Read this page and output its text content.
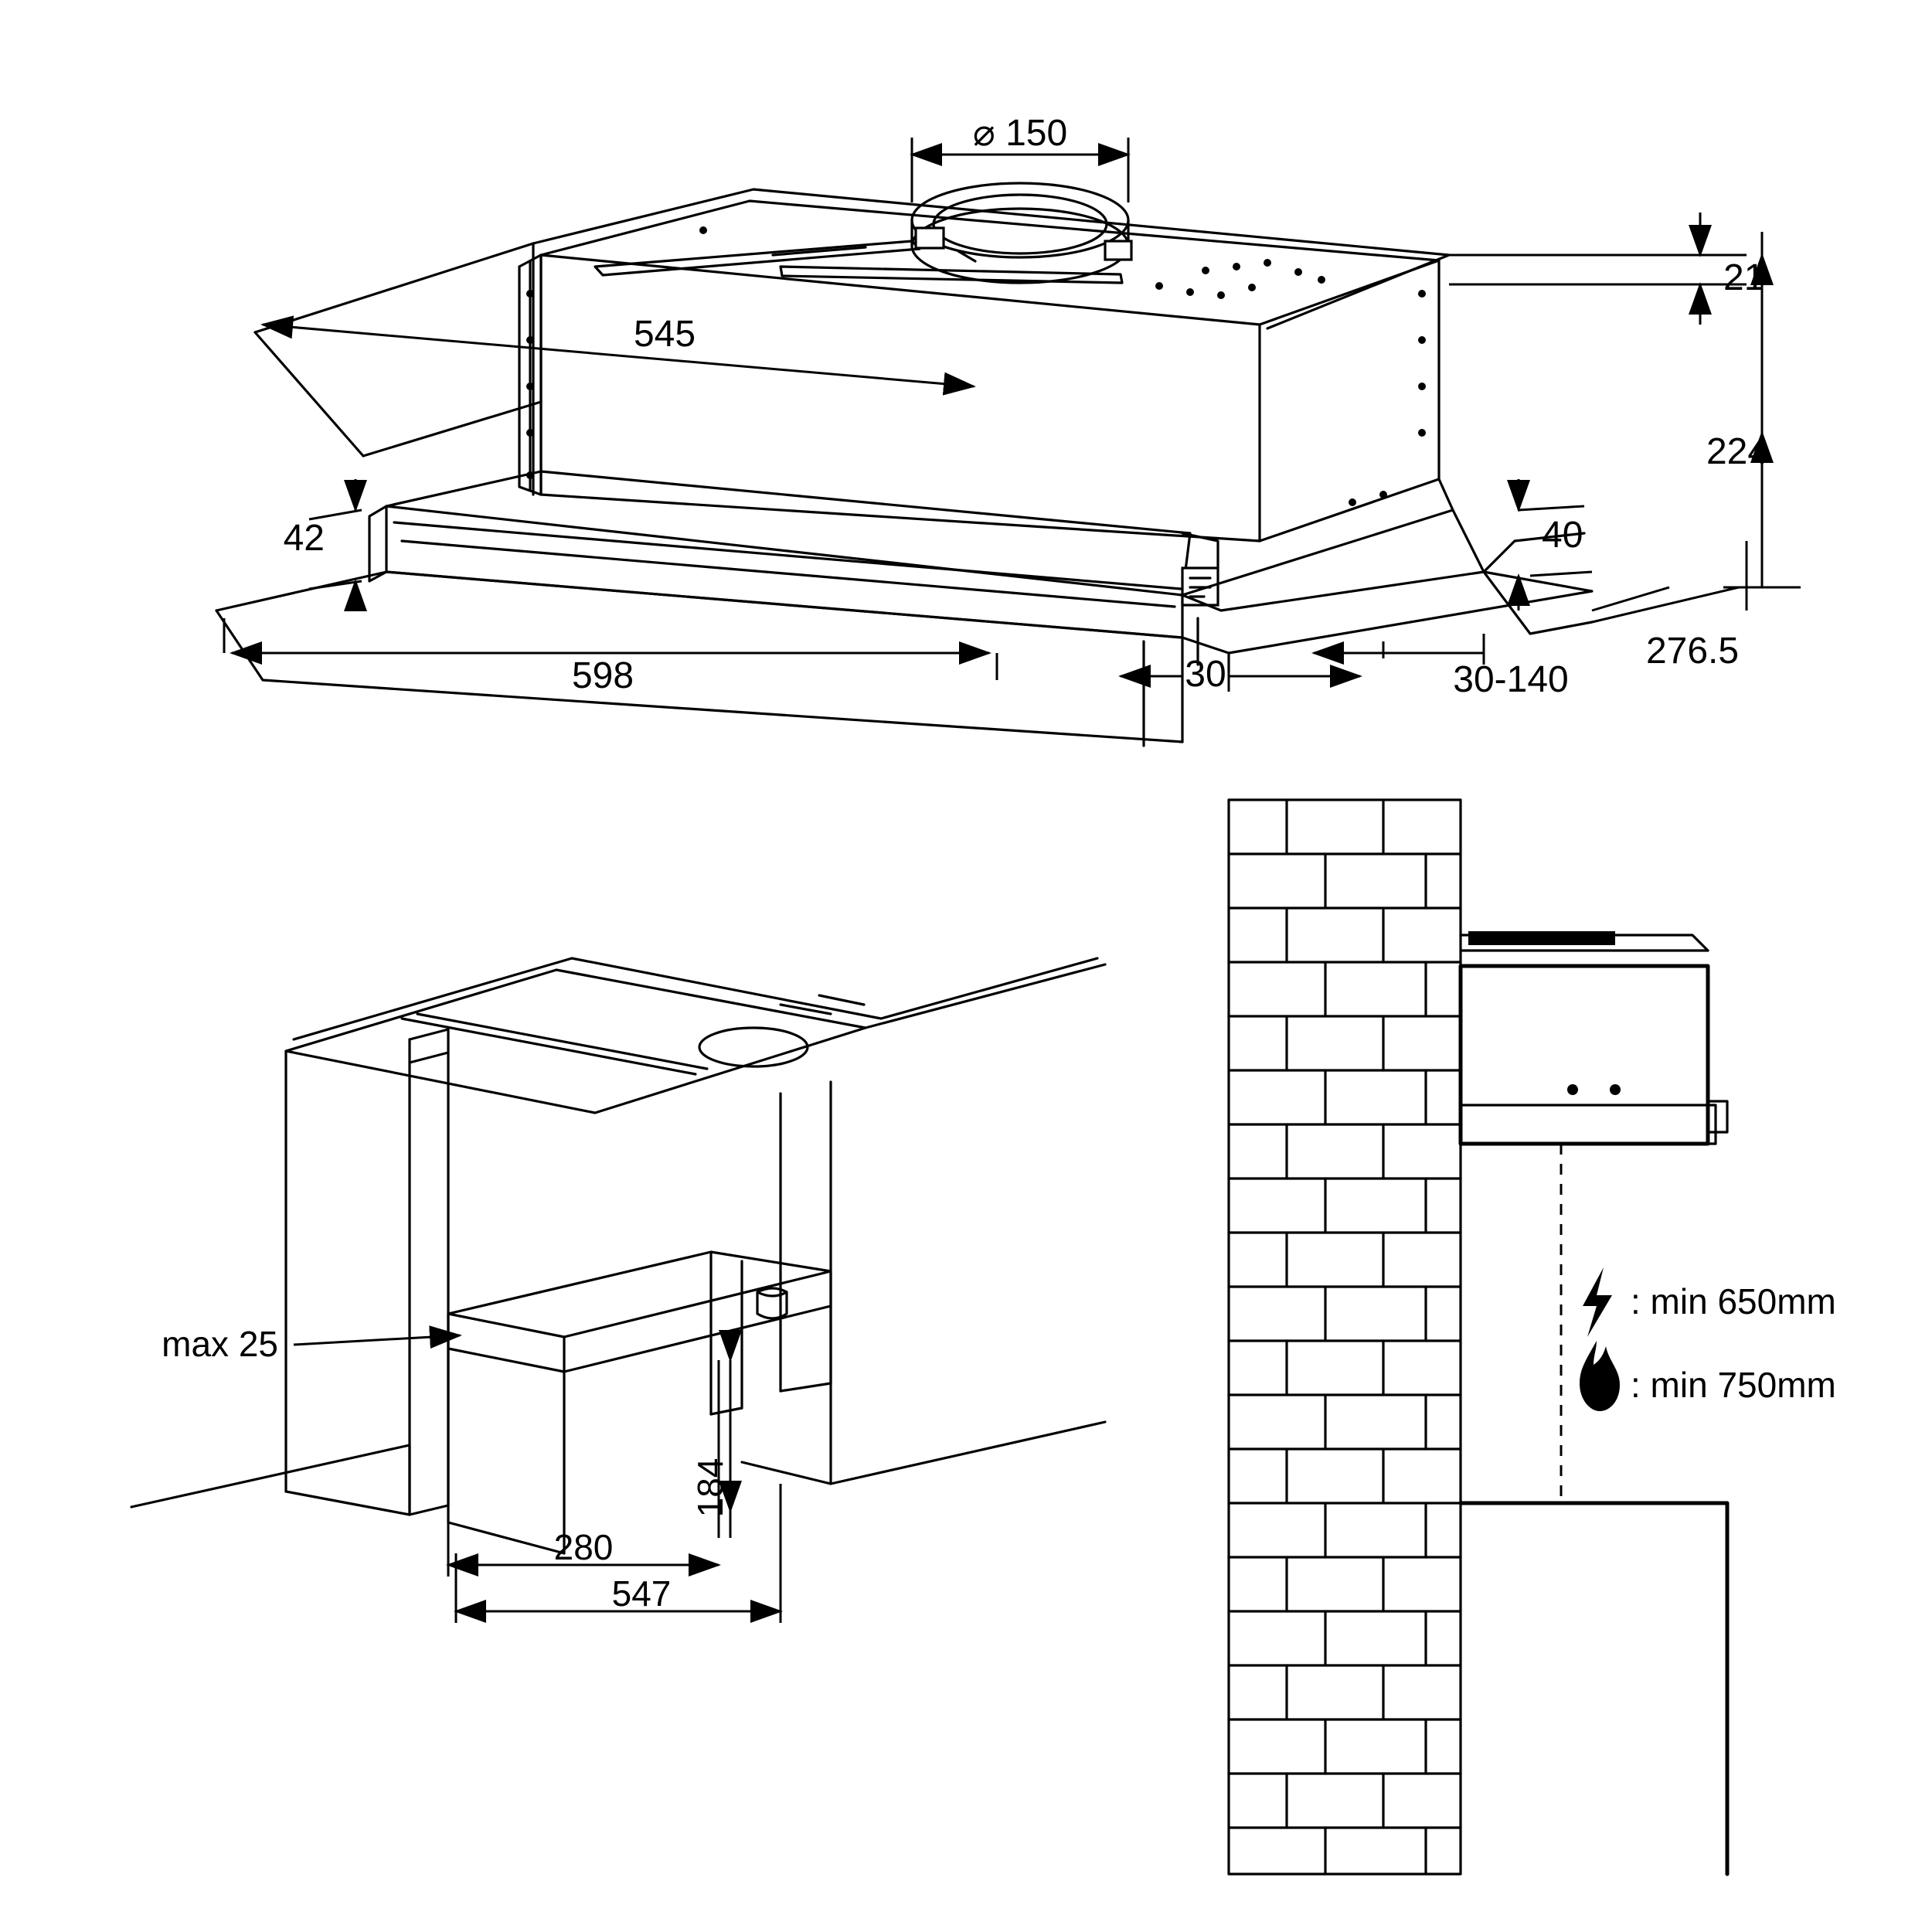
⌀ 150
545
21
224
42	40
598	30	30-140
276.5
max 25
184
280
547
: min 650mm
: min 750mm
